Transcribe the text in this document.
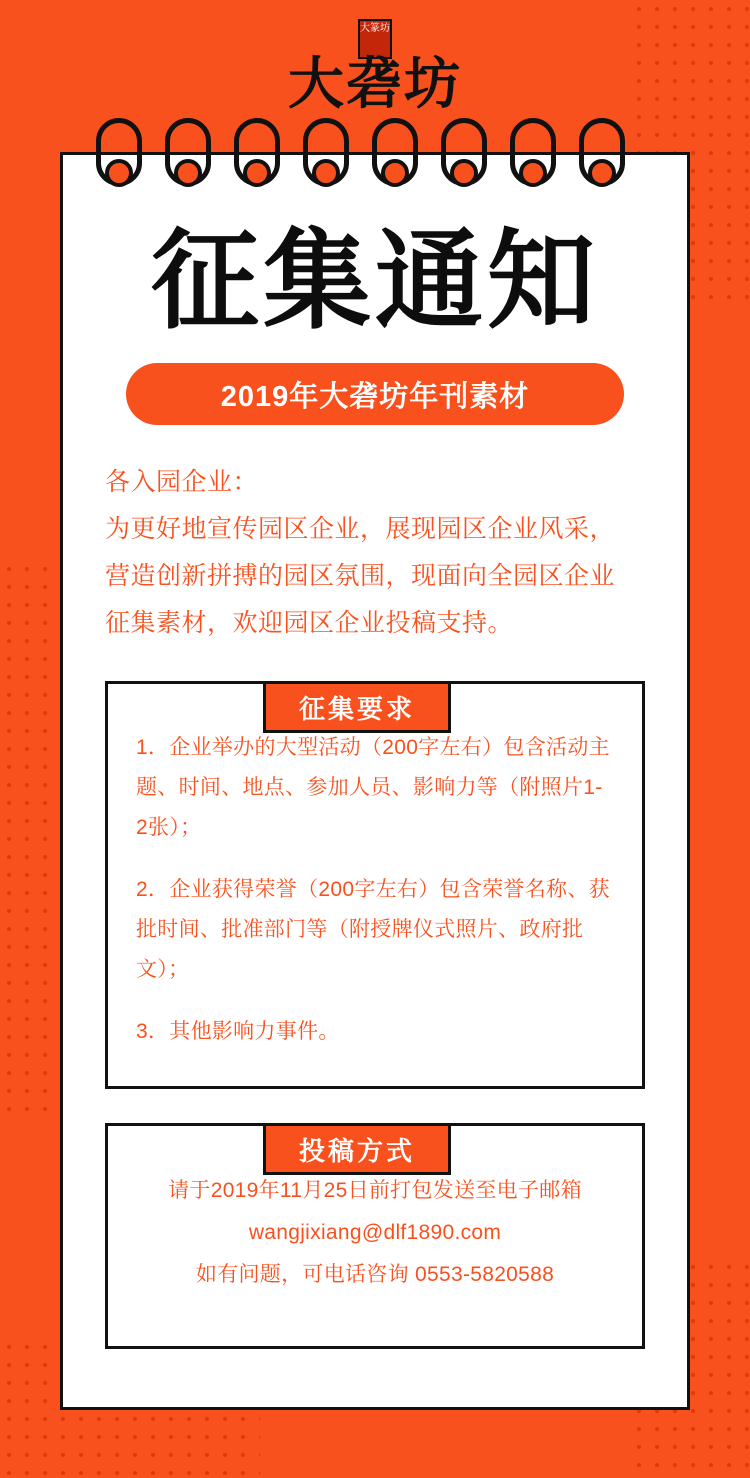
大篆坊
大砻坊
征集通知
2019年大砻坊年刊素材

各入园企业：

为更好地宣传园区企业，展现园区企业风采，

营造创新拼搏的园区氛围，现面向全园区企业

征集素材，欢迎园区企业投稿支持。

征集要求

1．企业举办的大型活动（200字左右）包含活动主题、时间、地点、参加人员、影响力等（附照片1-2张）；

2．企业获得荣誉（200字左右）包含荣誉名称、获批时间、批准部门等（附授牌仪式照片、政府批文）；

3．其他影响力事件。

投稿方式
请于2019年11月25日前打包发送至电子邮箱
wangjixiang@dlf1890.com
如有问题，可电话咨询 0553-5820588
